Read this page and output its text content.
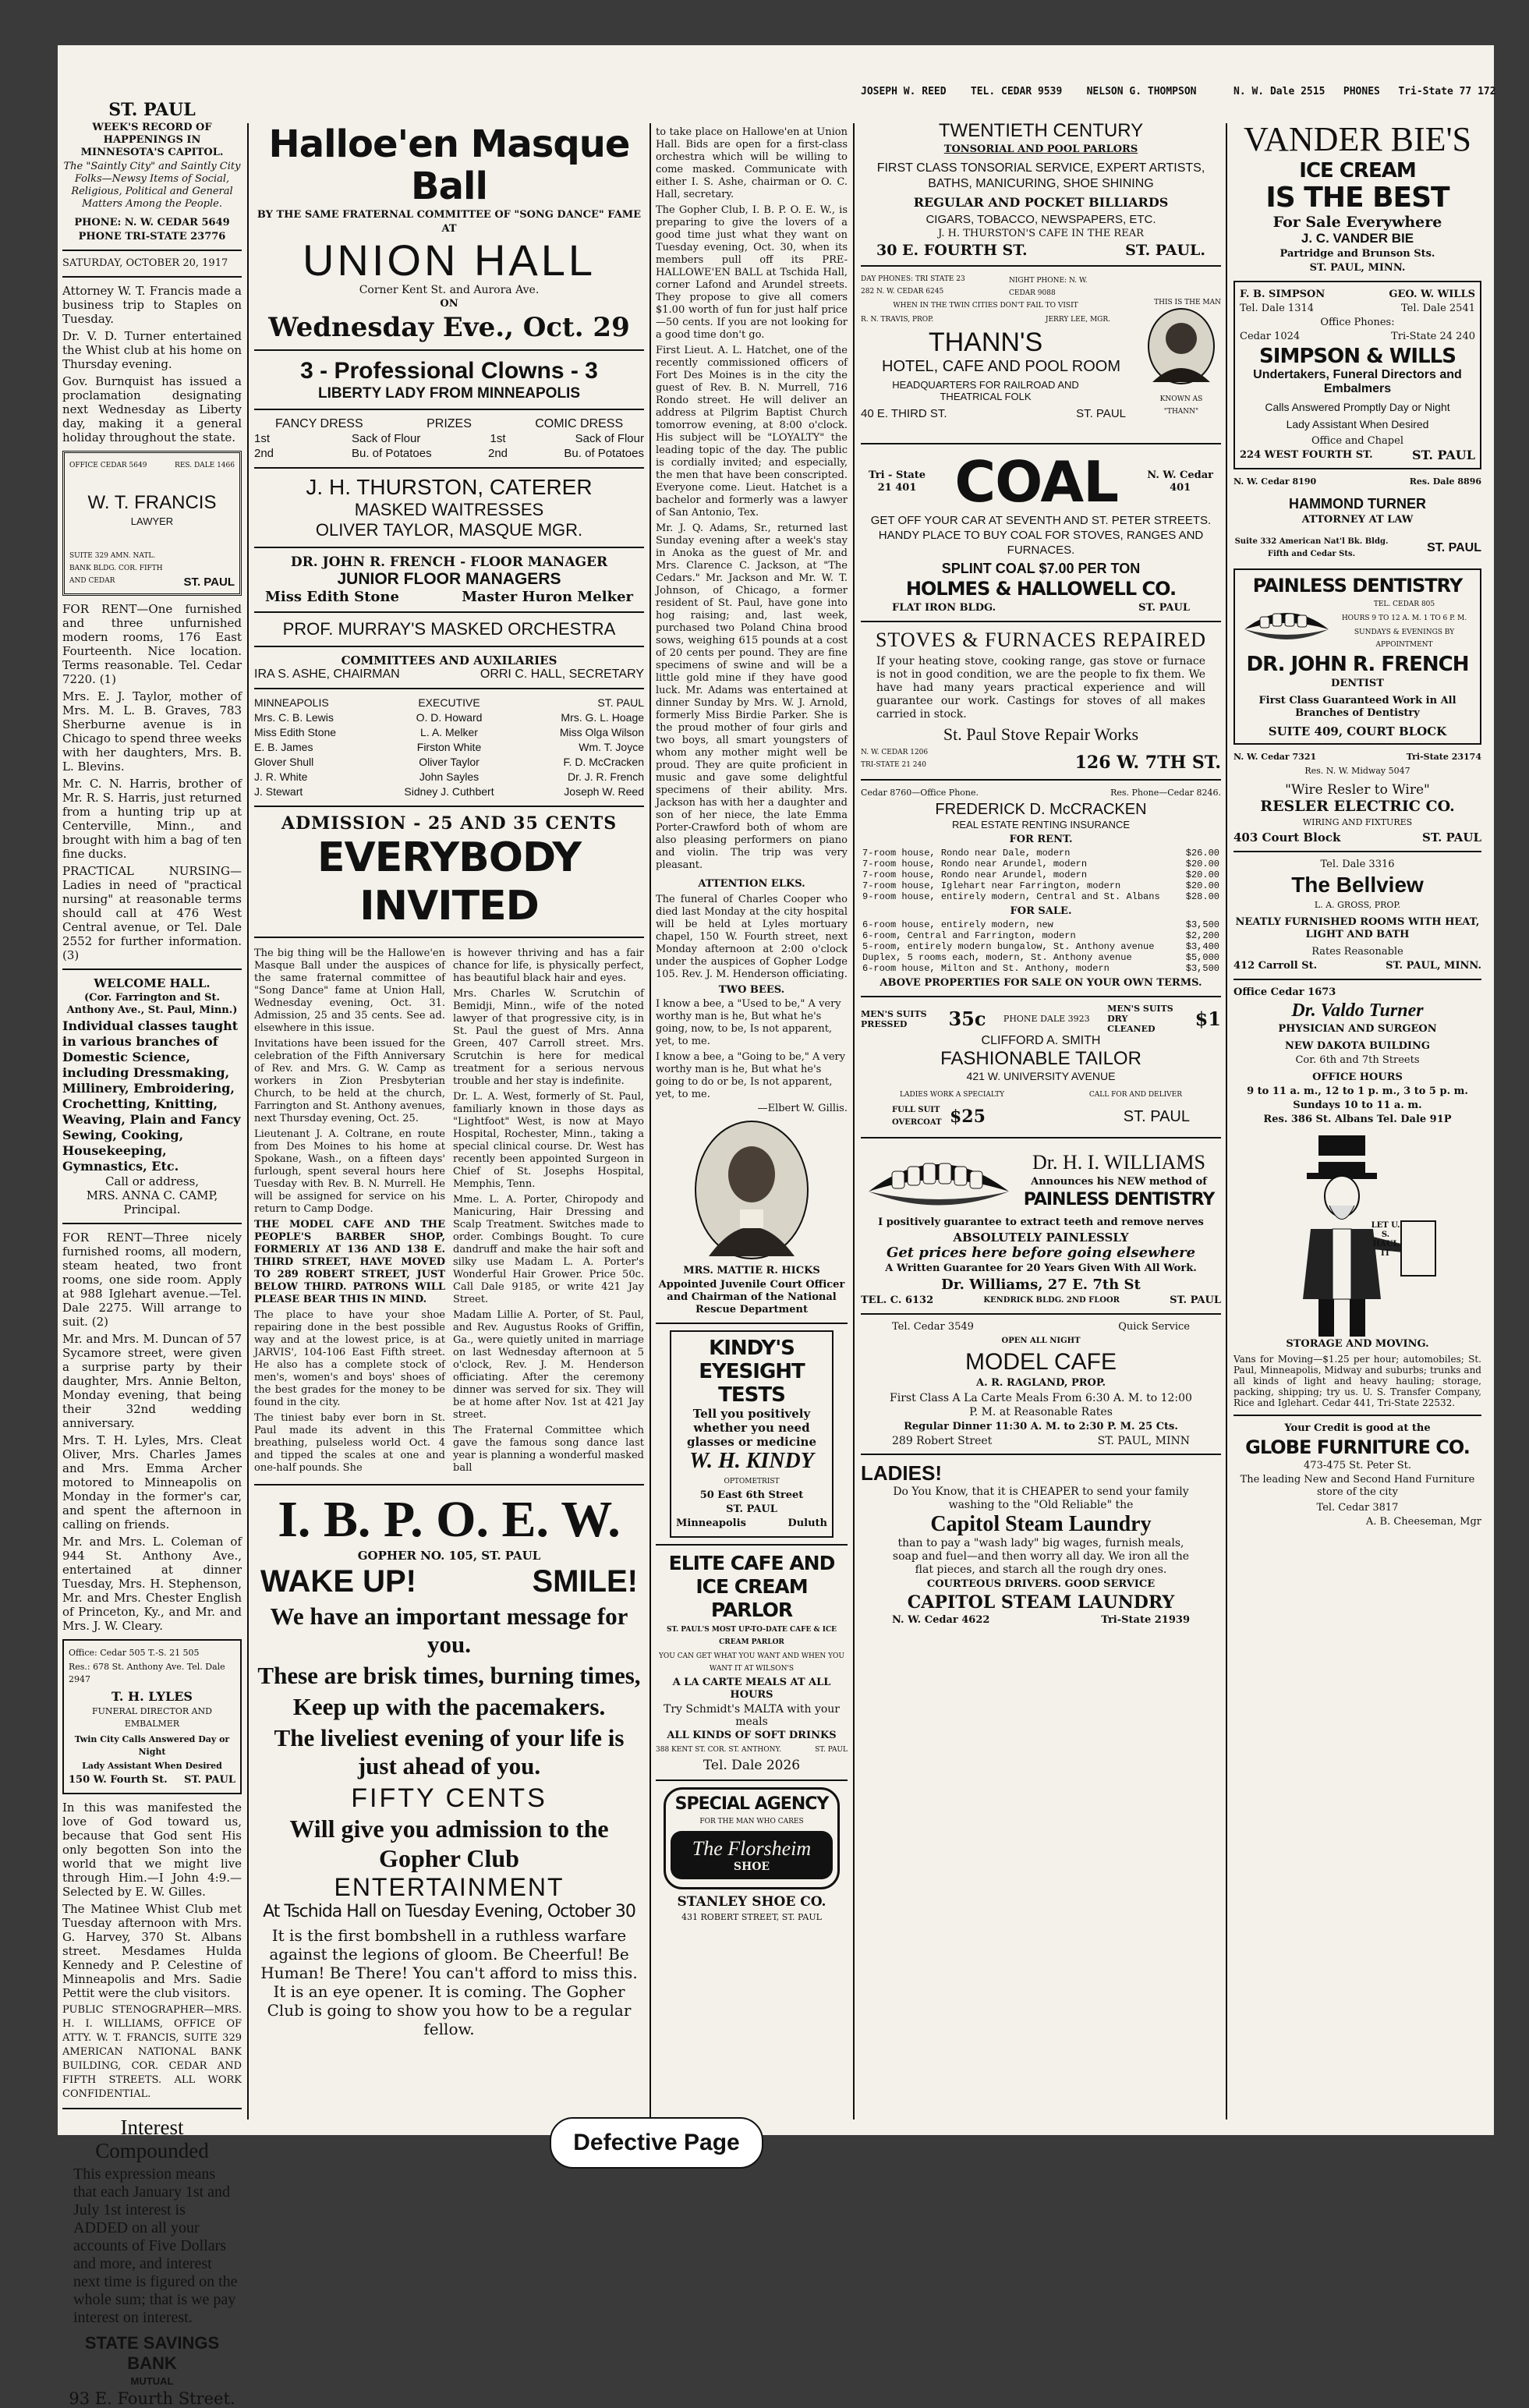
JOSEPH W. REED TEL. CEDAR 9539 NELSON G. THOMPSON	N. W. Dale 2515 PHONES Tri-State 77 172
ST. PAUL
WEEK'S RECORD OF HAPPENINGS IN MINNESOTA'S CAPITOL.
The "Saintly City" and Saintly City Folks—Newsy Items of Social, Religious, Political and General Matters Among the People.
PHONE: N. W. CEDAR 5649
PHONE TRI-STATE 23776
SATURDAY, OCTOBER 20, 1917
Attorney W. T. Francis made a business trip to Staples on Tuesday.
Dr. V. D. Turner entertained the Whist club at his home on Thursday evening.
Gov. Burnquist has issued a proclamation designating next Wednesday as Liberty day, making it a general holiday throughout the state.
OFFICE CEDAR 5649	RES. DALE 1466
W. T. FRANCIS
LAWYER
SUITE 329 AMN. NATL. BANK BLDG. COR. FIFTH AND CEDAR	ST. PAUL
FOR RENT—One furnished and three unfurnished modern rooms, 176 East Fourteenth. Nice location. Terms reasonable. Tel. Cedar 7220. (1)
Mrs. E. J. Taylor, mother of Mrs. M. L. B. Graves, 783 Sherburne avenue is in Chicago to spend three weeks with her daughters, Mrs. B. L. Blevins.
Mr. C. N. Harris, brother of Mr. R. S. Harris, just returned from a hunting trip up at Centerville, Minn., and brought with him a bag of ten fine ducks.
PRACTICAL NURSING—Ladies in need of "practical nursing" at reasonable terms should call at 476 West Central avenue, or Tel. Dale 2552 for further information. (3)
WELCOME HALL.
(Cor. Farrington and St. Anthony Ave., St. Paul, Minn.)
Individual classes taught in various branches of Domestic Science, including Dressmaking, Millinery, Embroidering, Crochetting, Knitting, Weaving, Plain and Fancy Sewing, Cooking, Housekeeping, Gymnastics, Etc.
Call or address,
MRS. ANNA C. CAMP, Principal.
FOR RENT—Three nicely furnished rooms, all modern, steam heated, two front rooms, one side room. Apply at 988 Iglehart avenue.—Tel. Dale 2275. Will arrange to suit. (2)
Mr. and Mrs. M. Duncan of 57 Sycamore street, were given a surprise party by their daughter, Mrs. Annie Belton, Monday evening, that being their 32nd wedding anniversary.
Mrs. T. H. Lyles, Mrs. Cleat Oliver, Mrs. Charles James and Mrs. Emma Archer motored to Minneapolis on Monday in the former's car, and spent the afternoon in calling on friends.
Mr. and Mrs. L. Coleman of 944 St. Anthony Ave., entertained at dinner Tuesday, Mrs. H. Stephenson, Mr. and Mrs. Chester English of Princeton, Ky., and Mr. and Mrs. J. W. Cleary.
Office: Cedar 505 T.-S. 21 505
Res.: 678 St. Anthony Ave. Tel. Dale 2947
T. H. LYLES
FUNERAL DIRECTOR AND EMBALMER
Twin City Calls Answered Day or Night
Lady Assistant When Desired
150 W. Fourth St. ST. PAUL
In this was manifested the love of God toward us, because that God sent His only begotten Son into the world that we might live through Him.—I John 4:9.—Selected by E. W. Gilles.
The Matinee Whist Club met Tuesday afternoon with Mrs. G. Harvey, 370 St. Albans street. Mesdames Hulda Kennedy and P. Celestine of Minneapolis and Mrs. Sadie Pettit were the club visitors.
PUBLIC STENOGRAPHER—MRS. H. I. WILLIAMS, OFFICE OF ATTY. W. T. FRANCIS, SUITE 329 AMERICAN NATIONAL BANK BUILDING, COR. CEDAR AND FIFTH STREETS. ALL WORK CONFIDENTIAL.
Interest Compounded
This expression means that each January 1st and July 1st interest is ADDED on all your accounts of Five Dollars and more, and interest next time is figured on the whole sum; that is we pay interest on interest.
STATE SAVINGS BANK
MUTUAL
93 E. Fourth Street.
Halloe'en Masque Ball
BY THE SAME FRATERNAL COMMITTEE OF "SONG DANCE" FAME
AT
UNION HALL
Corner Kent St. and Aurora Ave.
ON
Wednesday Eve., Oct. 29
3 - Professional Clowns - 3
LIBERTY LADY FROM MINNEAPOLIS
FANCY DRESS	PRIZES	COMIC DRESS
1st	Sack of Flour	1st	Sack of Flour
2nd	Bu. of Potatoes	2nd	Bu. of Potatoes
J. H. THURSTON, CATERER
MASKED WAITRESSES
OLIVER TAYLOR, MASQUE MGR.
DR. JOHN R. FRENCH - FLOOR MANAGER
JUNIOR FLOOR MANAGERS
Miss Edith Stone	Master Huron Melker
PROF. MURRAY'S MASKED ORCHESTRA
COMMITTEES AND AUXILARIES
IRA S. ASHE, CHAIRMAN	ORRI C. HALL, SECRETARY
MINNEAPOLIS	EXECUTIVE	ST. PAUL
Mrs. C. B. Lewis	O. D. Howard	Mrs. G. L. Hoage
Miss Edith Stone	L. A. Melker	Miss Olga Wilson
E. B. James	Firston White	Wm. T. Joyce
Glover Shull	Oliver Taylor	F. D. McCracken
J. R. White	John Sayles	Dr. J. R. French
J. Stewart	Sidney J. Cuthbert	Joseph W. Reed
ADMISSION - 25 AND 35 CENTS
EVERYBODY INVITED
The big thing will be the Hallowe'en Masque Ball under the auspices of the same fraternal committee of "Song Dance" fame at Union Hall, Wednesday evening, Oct. 31. Admission, 25 and 35 cents. See ad. elsewhere in this issue.
Invitations have been issued for the celebration of the Fifth Anniversary of Rev. and Mrs. G. W. Camp as workers in Zion Presbyterian Church, to be held at the church, Farrington and St. Anthony avenues, next Thursday evening, Oct. 25.
Lieutenant J. A. Coltrane, en route from Des Moines to his home at Spokane, Wash., on a fifteen days' furlough, spent several hours here Tuesday with Rev. B. N. Murrell. He will be assigned for service on his return to Camp Dodge.
THE MODEL CAFE AND THE PEOPLE'S BARBER SHOP, FORMERLY AT 136 AND 138 E. THIRD STREET, HAVE MOVED TO 289 ROBERT STREET, JUST BELOW THIRD. PATRONS WILL PLEASE BEAR THIS IN MIND.
The place to have your shoe repairing done in the best possible way and at the lowest price, is at JARVIS', 104-106 East Fifth street. He also has a complete stock of men's, women's and boys' shoes of the best grades for the money to be found in the city.
The tiniest baby ever born in St. Paul made its advent in this breathing, pulseless world Oct. 4 and tipped the scales at one and one-half pounds. She
is however thriving and has a fair chance for life, is physically perfect, has beautiful black hair and eyes.
Mrs. Charles W. Scrutchin of Bemidji, Minn., wife of the noted lawyer of that progressive city, is in St. Paul the guest of Mrs. Anna Green, 407 Carroll street. Mrs. Scrutchin is here for medical treatment for a serious nervous trouble and her stay is indefinite.
Dr. L. A. West, formerly of St. Paul, familiarly known in those days as "Lightfoot" West, is now at Mayo Hospital, Rochester, Minn., taking a special clinical course. Dr. West has recently been appointed Surgeon in Chief of St. Josephs Hospital, Memphis, Tenn.
Mme. L. A. Porter, Chiropody and Manicuring, Hair Dressing and Scalp Treatment. Switches made to order. Combings Bought. To cure dandruff and make the hair soft and silky use Madam L. A. Porter's Wonderful Hair Grower. Price 50c. Call Dale 9185, or write 421 Jay Street.
Madam Lillie A. Porter, of St. Paul, and Rev. Augustus Rooks of Griffin, Ga., were quietly united in marriage on last Wednesday afternoon at 5 o'clock, Rev. J. M. Henderson officiating. After the ceremony dinner was served for six. They will be at home after Nov. 1st at 421 Jay street.
The Fraternal Committee which gave the famous song dance last year is planning a wonderful masked ball
I. B. P. O. E. W.
GOPHER NO. 105, ST. PAUL
WAKE UP!	SMILE!
We have an important message for you.
These are brisk times, burning times,
Keep up with the pacemakers.
The liveliest evening of your life is just ahead of you.
FIFTY CENTS
Will give you admission to the Gopher Club
ENTERTAINMENT
At Tschida Hall on Tuesday Evening, October 30
It is the first bombshell in a ruthless warfare against the legions of gloom. Be Cheerful! Be Human! Be There! You can't afford to miss this. It is an eye opener. It is coming. The Gopher Club is going to show you how to be a regular fellow.
to take place on Hallowe'en at Union Hall. Bids are open for a first-class orchestra which will be willing to come masked. Communicate with either I. S. Ashe, chairman or O. C. Hall, secretary.
The Gopher Club, I. B. P. O. E. W., is preparing to give the lovers of a good time just what they want on Tuesday evening, Oct. 30, when its members pull off its PRE-HALLOWE'EN BALL at Tschida Hall, corner Lafond and Arundel streets. They propose to give all comers $1.00 worth of fun for just half price—50 cents. If you are not looking for a good time don't go.
First Lieut. A. L. Hatchet, one of the recently commissioned officers of Fort Des Moines is in the city the guest of Rev. B. N. Murrell, 716 Rondo street. He will deliver an address at Pilgrim Baptist Church tomorrow evening, at 8:00 o'clock. His subject will be "LOYALTY" the leading topic of the day. The public is cordially invited; and especially, the men that have been conscripted. Everyone come. Lieut. Hatchet is a bachelor and formerly was a lawyer of San Antonio, Tex.
Mr. J. Q. Adams, Sr., returned last Sunday evening after a week's stay in Anoka as the guest of Mr. and Mrs. Clarence C. Jackson, at "The Cedars." Mr. Jackson and Mr. W. T. Johnson, of Chicago, a former resident of St. Paul, have gone into hog raising; and, last week, purchased two Poland China brood sows, weighing 615 pounds at a cost of 20 cents per pound. They are fine specimens of swine and will be a little gold mine if they have good luck. Mr. Adams was entertained at dinner Sunday by Mrs. W. J. Arnold, formerly Miss Birdie Parker. She is the proud mother of four girls and two boys, all smart youngsters of whom any mother might well be proud. They are quite proficient in music and gave some delightful specimens of their ability. Mrs. Jackson has with her a daughter and son of her niece, the late Emma Porter-Crawford both of whom are also pleasing performers on piano and violin. The trip was very pleasant.
ATTENTION ELKS.
The funeral of Charles Cooper who died last Monday at the city hospital will be held at Lyles mortuary chapel, 150 W. Fourth street, next Monday afternoon at 2:00 o'clock under the auspices of Gopher Lodge 105. Rev. J. M. Henderson officiating.
TWO BEES.
I know a bee, a "Used to be," A very worthy man is he, But what he's going, now, to be, Is not apparent, yet, to me.
I know a bee, a "Going to be," A very worthy man is he, But what he's going to do or be, Is not apparent, yet, to me.
—Elbert W. Gillis.
MRS. MATTIE R. HICKS
Appointed Juvenile Court Officer and Chairman of the National Rescue Department
KINDY'S EYESIGHT TESTS
Tell you positively whether you need glasses or medicine
W. H. KINDY
OPTOMETRIST
50 East 6th Street
ST. PAUL
Minneapolis	Duluth
ELITE CAFE AND ICE CREAM PARLOR
ST. PAUL'S MOST UP-TO-DATE CAFE & ICE CREAM PARLOR
YOU CAN GET WHAT YOU WANT AND WHEN YOU WANT IT AT WILSON'S
A LA CARTE MEALS AT ALL HOURS
Try Schmidt's MALTA with your meals
ALL KINDS OF SOFT DRINKS
388 KENT ST. COR. ST. ANTHONY.	ST. PAUL
Tel. Dale 2026
SPECIAL AGENCY
FOR THE MAN WHO CARES
The Florsheim
SHOE
STANLEY SHOE CO.
431 ROBERT STREET, ST. PAUL
TWENTIETH CENTURY
TONSORIAL AND POOL PARLORS
FIRST CLASS TONSORIAL SERVICE, EXPERT ARTISTS, BATHS, MANICURING, SHOE SHINING
REGULAR AND POCKET BILLIARDS
CIGARS, TOBACCO, NEWSPAPERS, ETC.
J. H. THURSTON'S CAFE IN THE REAR
30 E. FOURTH ST.	ST. PAUL.
DAY PHONES: TRI STATE 23 282 N. W. CEDAR 6245
NIGHT PHONE: N. W. CEDAR 9088
THIS IS THE MAN
WHEN IN THE TWIN CITIES DON'T FAIL TO VISIT
R. N. TRAVIS, PROP.	JERRY LEE, MGR.
THANN'S
HOTEL, CAFE AND POOL ROOM
HEADQUARTERS FOR RAILROAD AND THEATRICAL FOLK
40 E. THIRD ST.	ST. PAUL
KNOWN AS "THANN"
Tri - State
21 401 COAL	N. W. Cedar
401
GET OFF YOUR CAR AT SEVENTH AND ST. PETER STREETS. HANDY PLACE TO BUY COAL FOR STOVES, RANGES AND FURNACES.
SPLINT COAL $7.00 PER TON
HOLMES & HALLOWELL CO.
FLAT IRON BLDG.	ST. PAUL
STOVES & FURNACES REPAIRED
If your heating stove, cooking range, gas stove or furnace is not in good condition, we are the people to fix them. We have had many years practical experience and will guarantee our work. Castings for stoves of all makes carried in stock.
St. Paul Stove Repair Works
N. W. CEDAR 1206
TRI-STATE 21 240	126 W. 7TH ST.
Cedar 8760—Office Phone.	Res. Phone—Cedar 8246.
FREDERICK D. McCRACKEN
REAL ESTATE RENTING INSURANCE
FOR RENT.
7-room house, Rondo near Dale, modern	$26.00
7-room house, Rondo near Arundel, modern	$20.00
7-room house, Rondo near Arundel, modern	$20.00
7-room house, Iglehart near Farrington, modern	$20.00
9-room house, entirely modern, Central and St. Albans	$28.00
FOR SALE.
6-room house, entirely modern, new	$3,500
6-room, Central and Farrington, modern	$2,200
5-room, entirely modern bungalow, St. Anthony avenue	$3,400
Duplex, 5 rooms each, modern, St. Anthony avenue	$5,000
6-room house, Milton and St. Anthony, modern	$3,500
ABOVE PROPERTIES FOR SALE ON YOUR OWN TERMS.
MEN'S SUITS PRESSED	35c PHONE DALE 3923
MEN'S SUITS DRY CLEANED	$1
CLIFFORD A. SMITH
FASHIONABLE TAILOR
421 W. UNIVERSITY AVENUE
LADIES WORK A SPECIALTY	CALL FOR AND DELIVER
FULL SUIT OVERCOAT $25	ST. PAUL
Dr. H. I. WILLIAMS
Announces his NEW method of
PAINLESS DENTISTRY
I positively guarantee to extract teeth and remove nerves
ABSOLUTELY PAINLESSLY
Get prices here before going elsewhere
A Written Guarantee for 20 Years Given With All Work.
Dr. Williams, 27 E. 7th St
TEL. C. 6132	KENDRICK BLDG. 2ND FLOOR	ST. PAUL
Tel. Cedar 3549	Quick Service
OPEN ALL NIGHT
MODEL CAFE
A. R. RAGLAND, PROP.
First Class A La Carte Meals From 6:30 A. M. to 12:00 P. M. at Reasonable Rates
Regular Dinner 11:30 A. M. to 2:30 P. M. 25 Cts.
289 Robert Street	ST. PAUL, MINN
LADIES!
Do You Know, that it is CHEAPER to send your family washing to the "Old Reliable" the
Capitol Steam Laundry
than to pay a "wash lady" big wages, furnish meals, soap and fuel—and then worry all day. We iron all the flat pieces, and starch all the rough dry ones.
COURTEOUS DRIVERS. GOOD SERVICE
CAPITOL STEAM LAUNDRY
N. W. Cedar 4622	Tri-State 21939
VANDER BIE'S
ICE CREAM
IS THE BEST
For Sale Everywhere
J. C. VANDER BIE
Partridge and Brunson Sts.
ST. PAUL, MINN.
F. B. SIMPSON	GEO. W. WILLS
Tel. Dale 1314	Tel. Dale 2541
Office Phones:
Cedar 1024	Tri-State 24 240
SIMPSON & WILLS
Undertakers, Funeral Directors and Embalmers
Calls Answered Promptly Day or Night
Lady Assistant When Desired
Office and Chapel
224 WEST FOURTH ST.	ST. PAUL
N. W. Cedar 8190	Res. Dale 8896
HAMMOND TURNER
ATTORNEY AT LAW
Suite 332 American Nat'l Bk. Bldg. Fifth and Cedar Sts.	ST. PAUL
PAINLESS DENTISTRY
TEL. CEDAR 805
HOURS 9 TO 12 A. M. 1 TO 6 P. M.
SUNDAYS & EVENINGS BY APPOINTMENT
DR. JOHN R. FRENCH
DENTIST
First Class Guaranteed Work in All Branches of Dentistry
SUITE 409, COURT BLOCK
N. W. Cedar 7321	Tri-State 23174
Res. N. W. Midway 5047
"Wire Resler to Wire"
RESLER ELECTRIC CO.
WIRING AND FIXTURES
403 Court Block	ST. PAUL
Tel. Dale 3316
The Bellview
L. A. GROSS, PROP.
NEATLY FURNISHED ROOMS WITH HEAT, LIGHT AND BATH
Rates Reasonable
412 Carroll St.	ST. PAUL, MINN.
Office Cedar 1673
Dr. Valdo Turner
PHYSICIAN AND SURGEON
NEW DAKOTA BUILDING
Cor. 6th and 7th Streets
OFFICE HOURS
9 to 11 a. m., 12 to 1 p. m., 3 to 5 p. m.
Sundays 10 to 11 a. m.
Res. 386 St. Albans Tel. Dale 91P
LET U. S. HAUL IT
STORAGE AND MOVING.
Vans for Moving—$1.25 per hour; automobiles; St. Paul, Minneapolis, Midway and suburbs; trunks and all kinds of light and heavy hauling; storage, packing, shipping; try us. U. S. Transfer Company, Rice and Iglehart. Cedar 441, Tri-State 22532.
Your Credit is good at the
GLOBE FURNITURE CO.
473-475 St. Peter St.
The leading New and Second Hand Furniture store of the city
Tel. Cedar 3817
A. B. Cheeseman, Mgr
Defective Page
